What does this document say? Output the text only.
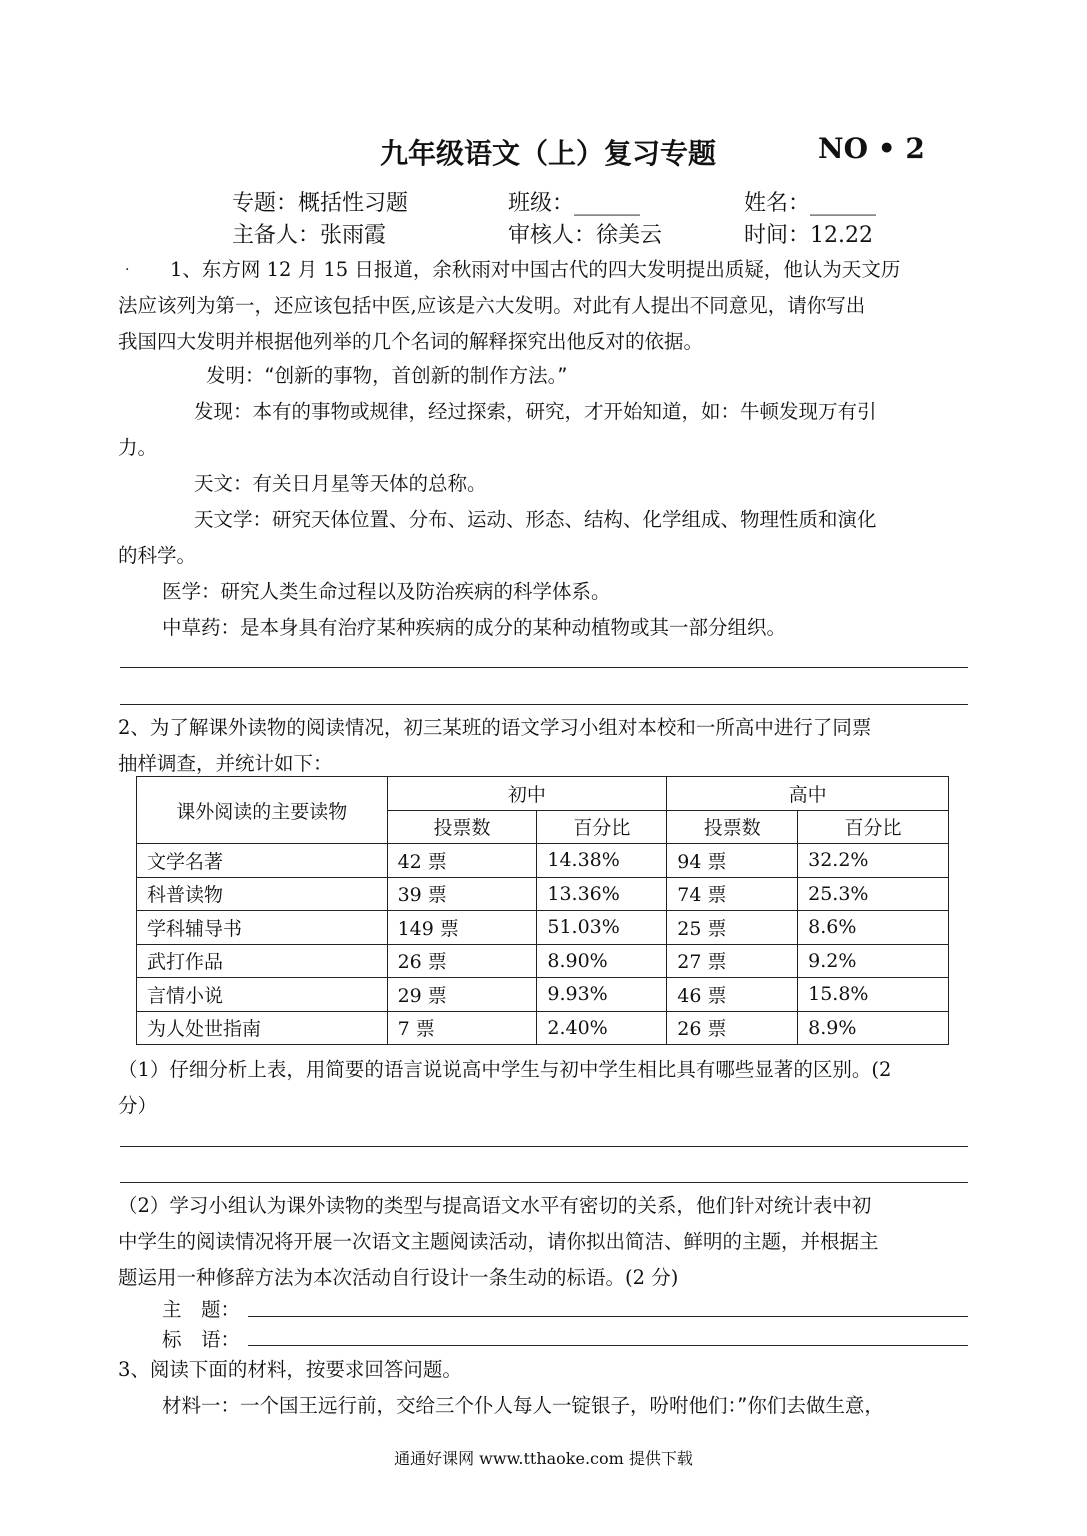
九年级语文（上）复习专题	NO • 2
专题：概括性习题	班级：______	姓名：______
主备人：张雨霞	审核人：徐美云	时间：12.22
.	1、东方网 12 月 15 日报道，余秋雨对中国古代的四大发明提出质疑，他认为天文历
法应该列为第一，还应该包括中医,应该是六大发明。对此有人提出不同意见，请你写出
我国四大发明并根据他列举的几个名词的解释探究出他反对的依据。
发明：“创新的事物，首创新的制作方法。”
发现：本有的事物或规律，经过探索，研究，才开始知道，如：牛顿发现万有引
力。
天文：有关日月星等天体的总称。
天文学：研究天体位置、分布、运动、形态、结构、化学组成、物理性质和演化
的科学。
医学：研究人类生命过程以及防治疾病的科学体系。
中草药：是本身具有治疗某种疾病的成分的某种动植物或其一部分组织。
2、为了解课外读物的阅读情况，初三某班的语文学习小组对本校和一所高中进行了同票
抽样调查，并统计如下：
课外阅读的主要读物	初中		高中	
	投票数	百分比	投票数	百分比
文学名著	42 票	14.38%	94 票	32.2%
科普读物	39 票	13.36%	74 票	25.3%
学科辅导书	149 票	51.03%	25 票	8.6%
武打作品	26 票	8.90%	27 票	9.2%
言情小说	29 票	9.93%	46 票	15.8%
为人处世指南	7 票	2.40%	26 票	8.9%
（1）仔细分析上表，用简要的语言说说高中学生与初中学生相比具有哪些显著的区别。(2
分）
（2）学习小组认为课外读物的类型与提高语文水平有密切的关系，他们针对统计表中初
中学生的阅读情况将开展一次语文主题阅读活动，请你拟出简洁、鲜明的主题，并根据主
题运用一种修辞方法为本次活动自行设计一条生动的标语。(2 分)
主　题：
标　语：
3、阅读下面的材料，按要求回答问题。
材料一：一个国王远行前，交给三个仆人每人一锭银子，吩咐他们：”你们去做生意，
通通好课网 www.tthaoke.com 提供下载
